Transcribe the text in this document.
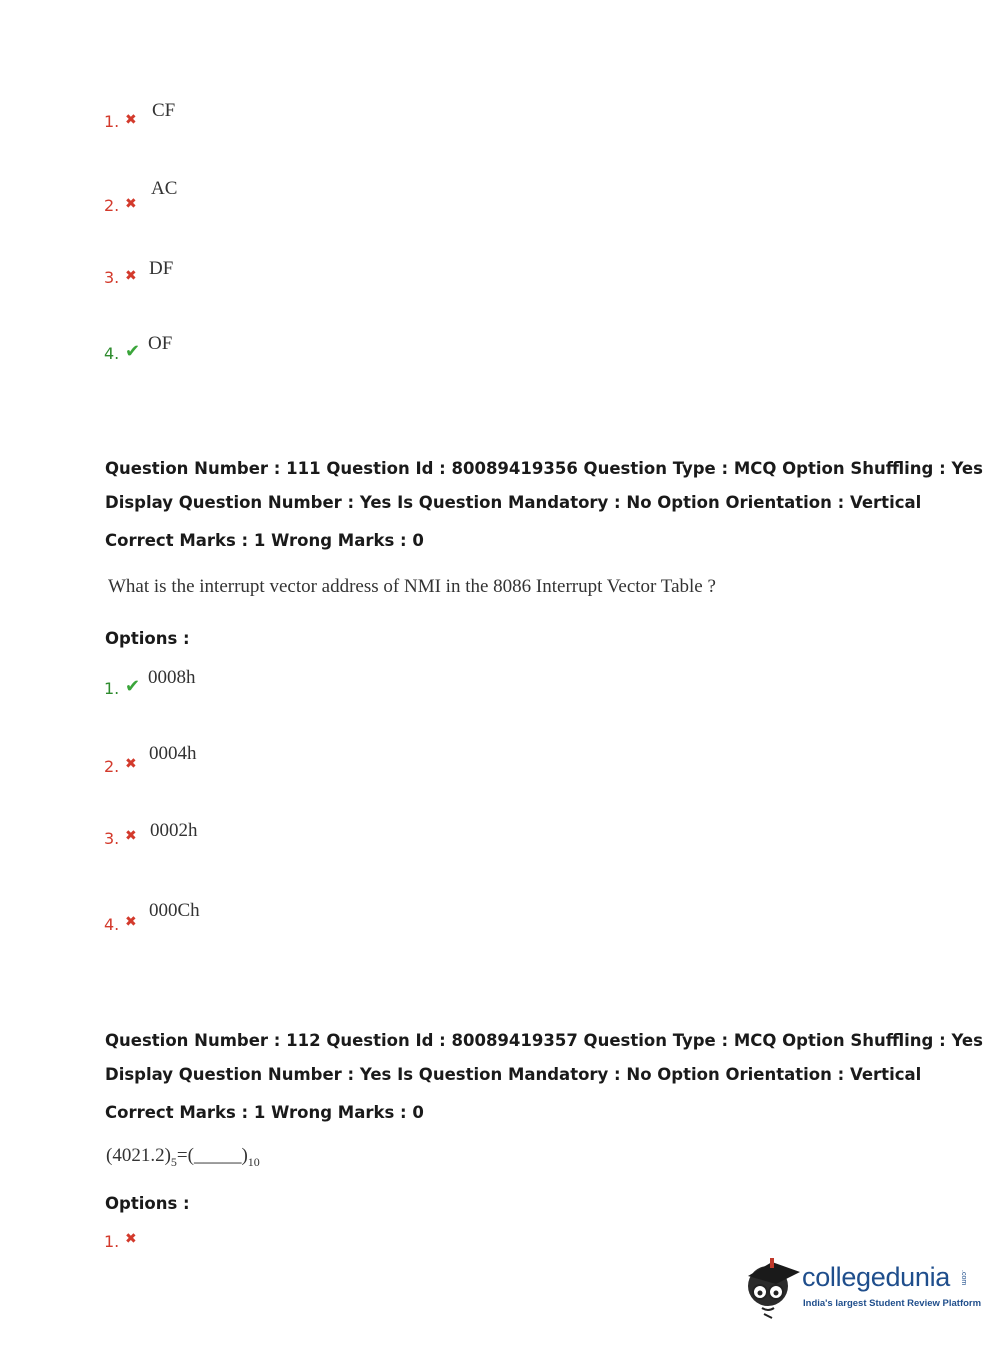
1. ✖ CF
2. ✖
AC
3. ✖ DF
4. ✔ OF
Question Number : 111 Question Id : 80089419356 Question Type : MCQ Option Shuffling : Yes
Display Question Number : Yes Is Question Mandatory : No Option Orientation : Vertical
Correct Marks : 1 Wrong Marks : 0
What is the interrupt vector address of NMI in the 8086 Interrupt Vector Table ?
Options :
1. ✔ 0008h
2. ✖ 0004h
3. ✖ 0002h
4. ✖
000Ch
Question Number : 112 Question Id : 80089419357 Question Type : MCQ Option Shuffling : Yes
Display Question Number : Yes Is Question Mandatory : No Option Orientation : Vertical
Correct Marks : 1 Wrong Marks : 0
$(4021.2)_5=(\_\_\_\_\_)_{10}$
Options :
1. ✖
collegedunia .com
India's largest Student Review Platform
